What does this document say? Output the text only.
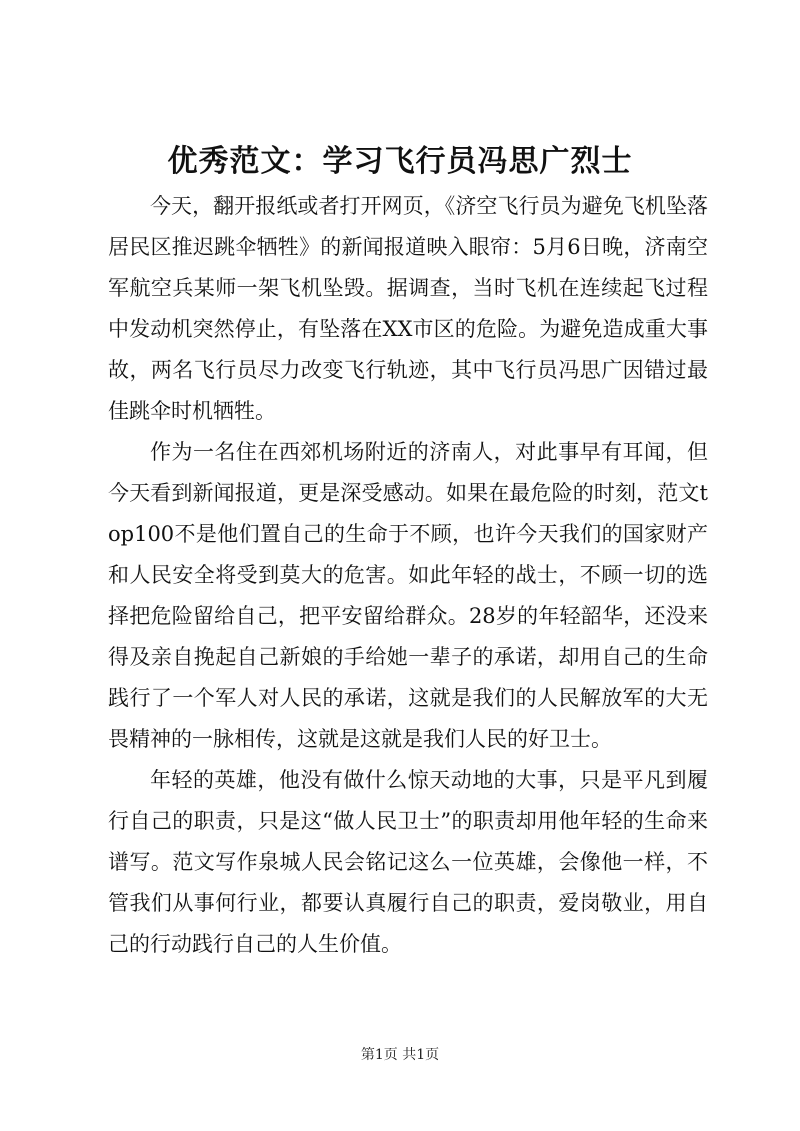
优秀范文：学习飞行员冯思广烈士

今天，翻开报纸或者打开网页，《济空飞行员为避免飞机坠落居民区推迟跳伞牺牲》的新闻报道映入眼帘：5月6日晚，济南空军航空兵某师一架飞机坠毁。据调查，当时飞机在连续起飞过程中发动机突然停止，有坠落在XX市区的危险。为避免造成重大事故，两名飞行员尽力改变飞行轨迹，其中飞行员冯思广因错过最佳跳伞时机牺牲。

作为一名住在西郊机场附近的济南人，对此事早有耳闻，但今天看到新闻报道，更是深受感动。如果在最危险的时刻，范文top100不是他们置自己的生命于不顾，也许今天我们的国家财产和人民安全将受到莫大的危害。如此年轻的战士，不顾一切的选择把危险留给自己，把平安留给群众。28岁的年轻韶华，还没来得及亲自挽起自己新娘的手给她一辈子的承诺，却用自己的生命践行了一个军人对人民的承诺，这就是我们的人民解放军的大无畏精神的一脉相传，这就是这就是我们人民的好卫士。

年轻的英雄，他没有做什么惊天动地的大事，只是平凡到履行自己的职责，只是这“做人民卫士”的职责却用他年轻的生命来谱写。范文写作泉城人民会铭记这么一位英雄，会像他一样，不管我们从事何行业，都要认真履行自己的职责，爱岗敬业，用自己的行动践行自己的人生价值。

第1页 共1页
